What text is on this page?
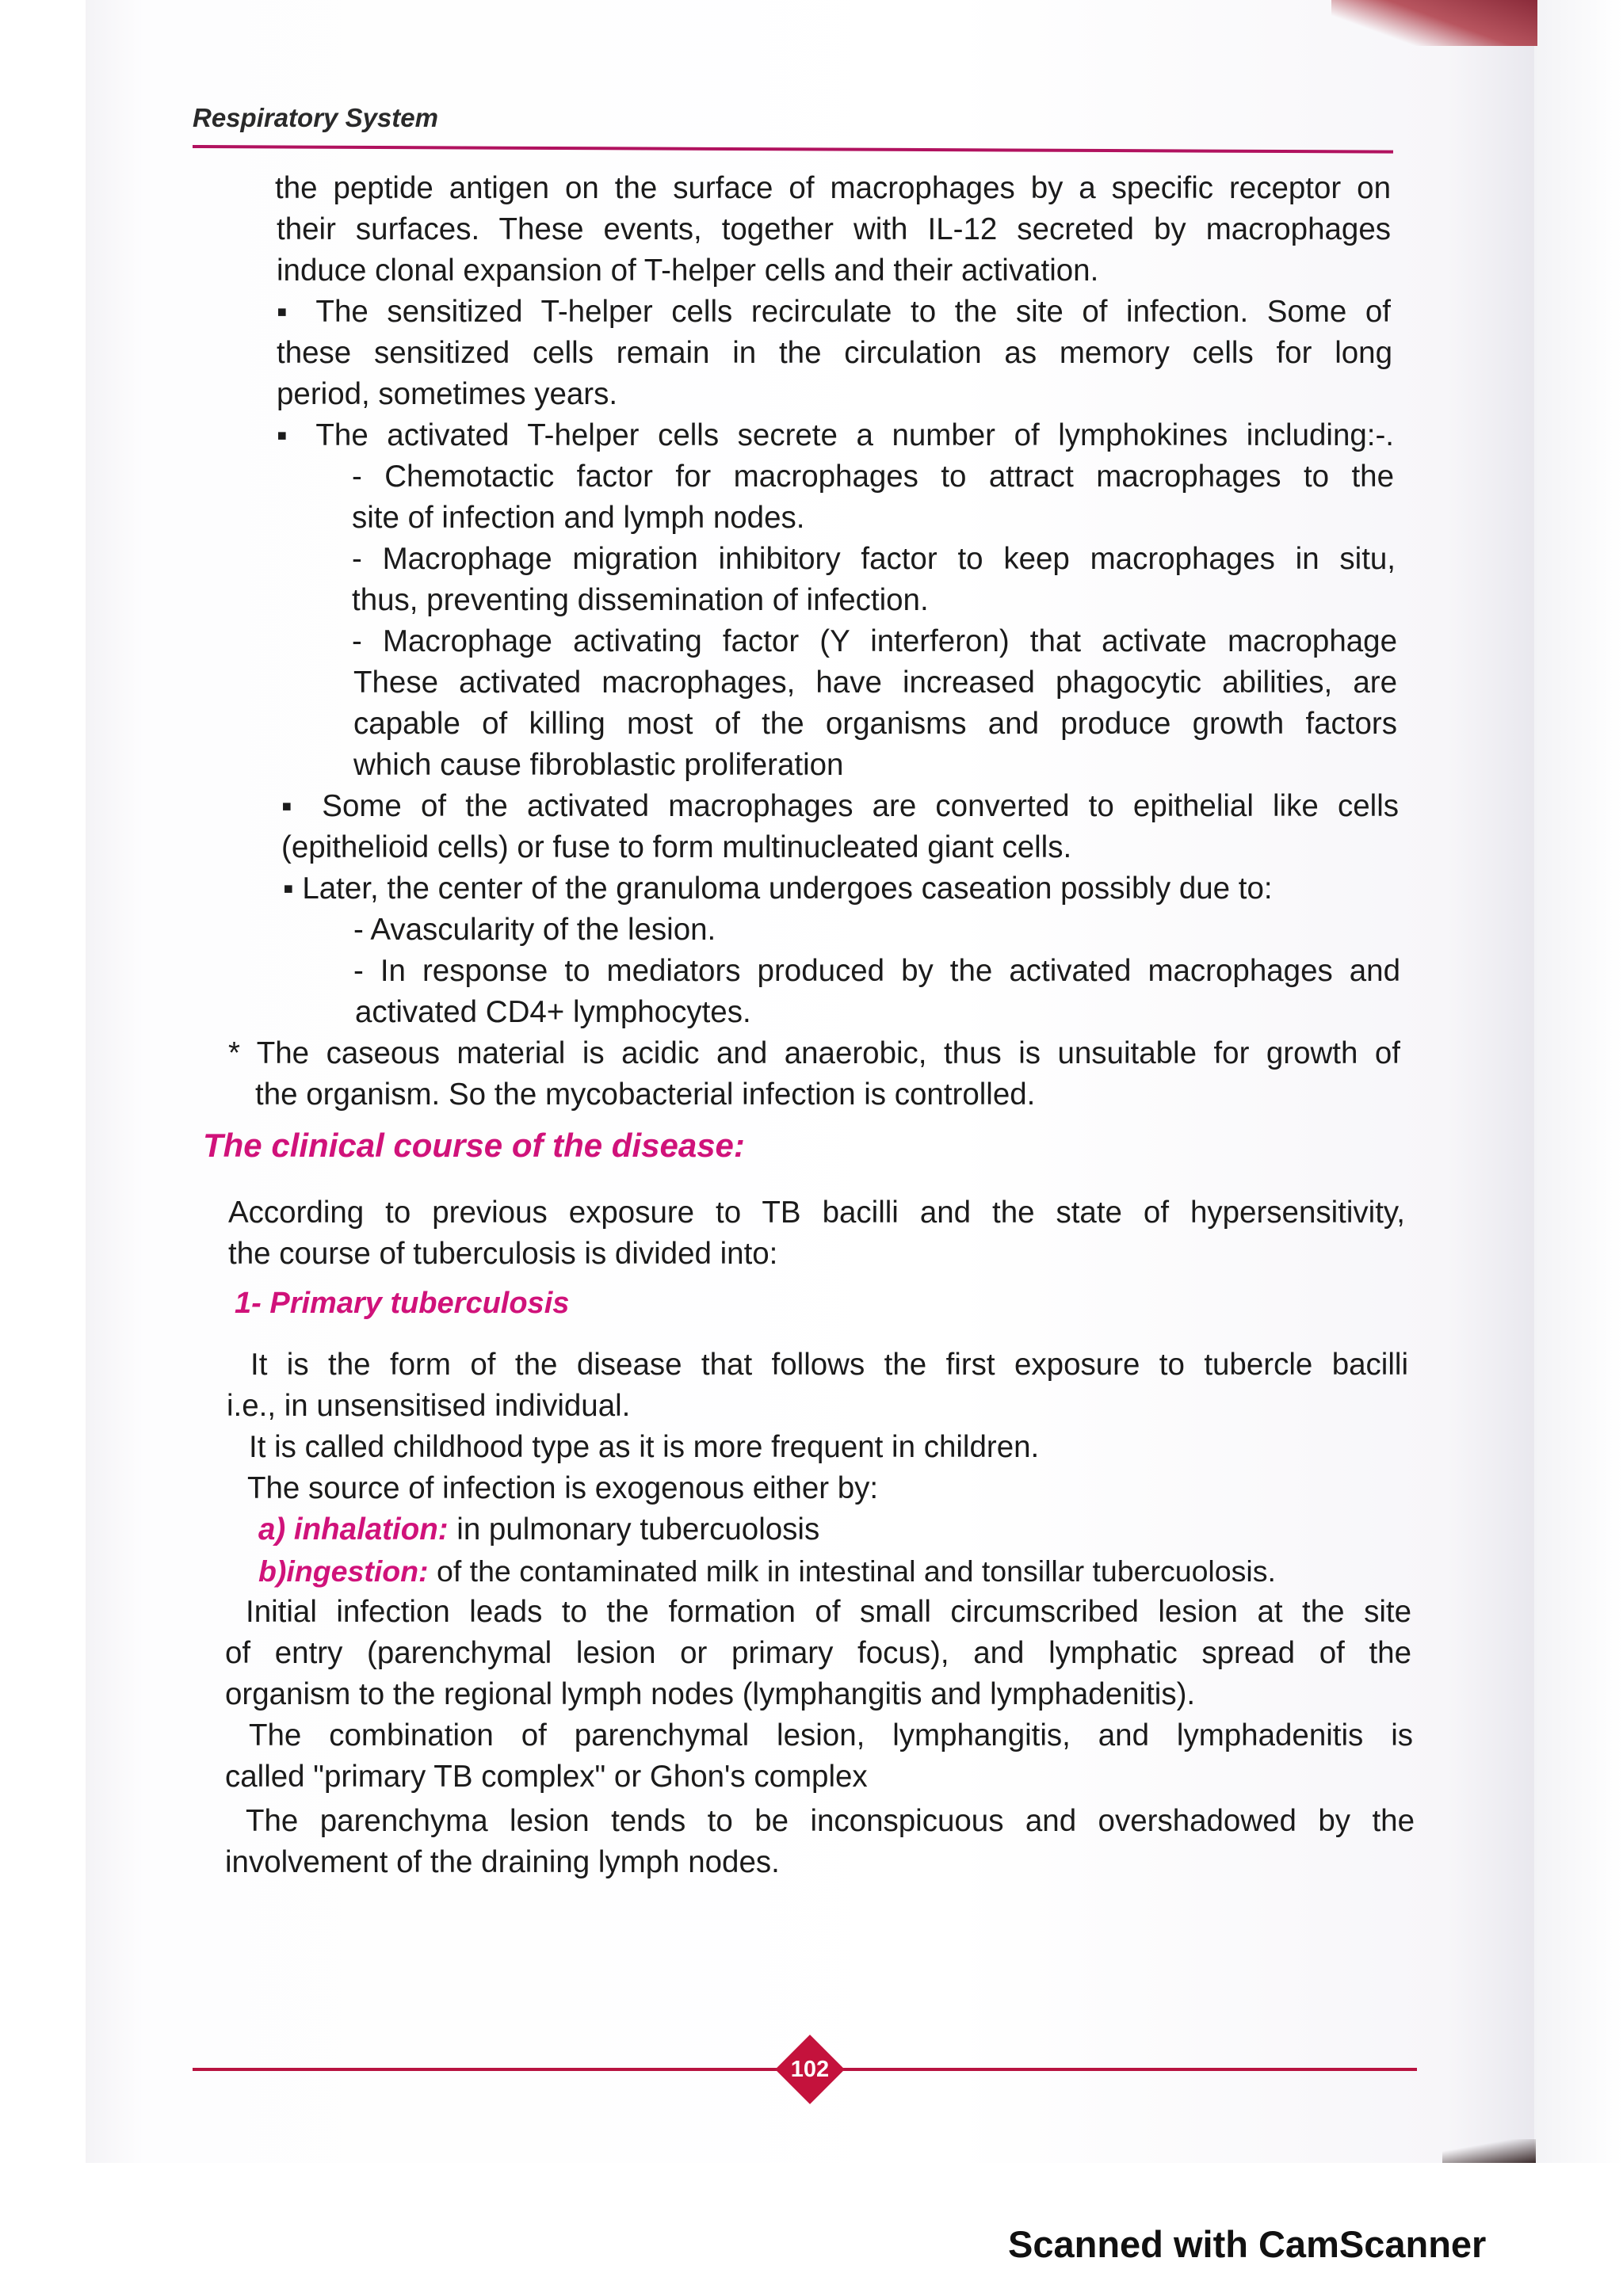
Respiratory System

the peptide antigen on the surface of macrophages by a specific receptor on

their surfaces. These events, together with IL-12 secreted by macrophages

induce clonal expansion of T-helper cells and their activation.

▪ The sensitized T-helper cells recirculate to the site of infection. Some of

these sensitized cells remain in the circulation as memory cells for long

period, sometimes years.

▪ The activated T-helper cells secrete a number of lymphokines including:-.

- Chemotactic factor for macrophages to attract macrophages to the

site of infection and lymph nodes.

- Macrophage migration inhibitory factor to keep macrophages in situ,

thus, preventing dissemination of infection.

- Macrophage activating factor (Y interferon) that activate macrophage

These activated macrophages, have increased phagocytic abilities, are

capable of killing most of the organisms and produce growth factors

which cause fibroblastic proliferation

▪ Some of the activated macrophages are converted to epithelial like cells

(epithelioid cells) or fuse to form multinucleated giant cells.

▪ Later, the center of the granuloma undergoes caseation possibly due to:

- Avascularity of the lesion.

- In response to mediators produced by the activated macrophages and

activated CD4+ lymphocytes.

* The caseous material is acidic and anaerobic, thus is unsuitable for growth of

the organism. So the mycobacterial infection is controlled.

According to previous exposure to TB bacilli and the state of hypersensitivity,

the course of tuberculosis is divided into:

It is the form of the disease that follows the first exposure to tubercle bacilli

i.e., in unsensitised individual.

It is called childhood type as it is more frequent in children.

The source of infection is exogenous either by:

a) inhalation: in pulmonary tubercuolosis

b)ingestion: of the contaminated milk in intestinal and tonsillar tubercuolosis.

Initial infection leads to the formation of small circumscribed lesion at the site

of entry (parenchymal lesion or primary focus), and lymphatic spread of the

organism to the regional lymph nodes (lymphangitis and lymphadenitis).

The combination of parenchymal lesion, lymphangitis, and lymphadenitis is

called "primary TB complex" or Ghon's complex

The parenchyma lesion tends to be inconspicuous and overshadowed by the

involvement of the draining lymph nodes.

The clinical course of the disease:
1- Primary tuberculosis
102
Scanned with CamScanner
